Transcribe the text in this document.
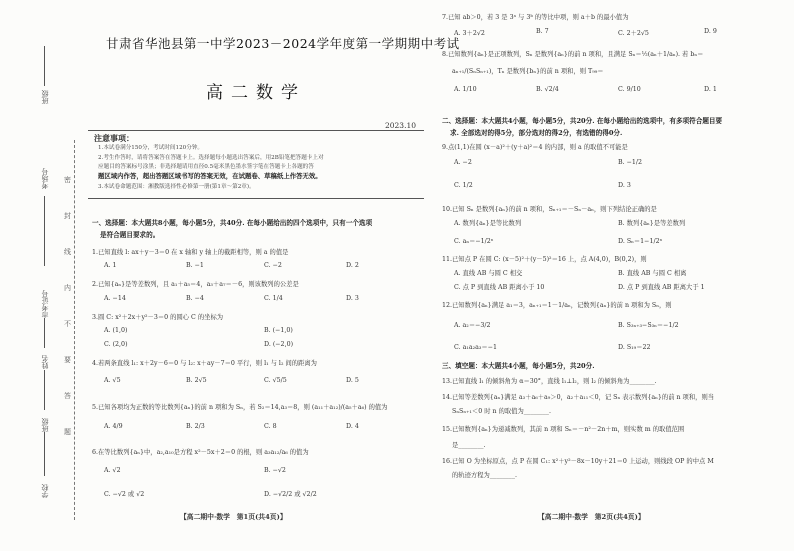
班级
考场号
市考证号
姓名
班级
学校
密
封
线
内
不
要
答
题
甘肃省华池县第一中学2023－2024学年度第一学期期中考试
高二数学
2023.10
注意事项：
1.本试卷满分150分，考试时间120分钟。
2.考生作答时，请将答案答在答题卡上。选择题每小题选出答案后，用2B铅笔把答题卡上对
应题目的答案标号涂黑；非选择题请用直径0.5毫米黑色墨水签字笔在答题卡上各题的答
题区域内作答，超出答题区域书写的答案无效，在试题卷、草稿纸上作答无效。
3.本试卷命题范围：湘教版选择性必修第一册(第1章～第2章)。
一、选择题：本大题共8小题，每小题5分，共40分. 在每小题给出的四个选项中，只有一个选项
是符合题目要求的。
1.已知直线 l: ax＋y－3＝0 在 x 轴和 y 轴上的截距相等，则 a 的值是
A. 1	B. −1	C. −2	D. 2
2.已知{aₙ}是等差数列，且 a₁＋a₅＝4，a₃＋a₇＝－6，则该数列的公差是
A. −14	B. −4	C. 1/4	D. 3
3.圆 C: x²＋2x＋y²－3＝0 的圆心 C 的坐标为
A. (1,0)	B. (−1,0)
C. (2,0)	D. (−2,0)
4.若两条直线 l₁: x＋2y－6＝0 与 l₂: x＋ay－7＝0 平行，则 l₁ 与 l₂ 间的距离为
A. √5	B. 2√5	C. √5/5	D. 5
5.已知各项均为正数的等比数列{aₙ}的前 n 项和为 Sₙ，若 S₂＝14,a₃＝8，则 (a₁₁＋a₁₂)/(a₅＋a₆) 的值为
A. 4/9	B. 2/3	C. 8	D. 4
6.在等比数列{aₙ}中，a₂,a₁₀是方程 x²－5x＋2＝0 的根，则 a₃a₁₂/a₆ 的值为
A. √2	B. −√2
C. −√2 或 √2	D. −√2/2 或 √2/2
【高二期中·数学　第1页(共4页)】
7.已知 ab＞0，若 3 是 3ᵃ 与 3ᵇ 的等比中项，则 a＋b 的最小值为
A. 3＋2√2	B. 7	C. 2＋2√5	D. 9
8.已知数列{aₙ}是正项数列，Sₙ 是数列{aₙ}的前 n 项和，且满足 Sₙ＝½(aₙ＋1/aₙ). 若 bₙ＝
aₙ₊₁/(SₙSₙ₊₁)，Tₙ 是数列{bₙ}的前 n 项和，则 T₉₉＝
A. 1/10	B. √2/4	C. 9/10	D. 1
二、选择题：本大题共4小题，每小题5分，共20分. 在每小题给出的选项中，有多项符合题目要
求. 全部选对的得5分，部分选对的得2分，有选错的得0分.
9.点(1,1)在圆 (x－a)²＋(y＋a)²＝4 的内部，则 a 的取值不可能是
A. −2	B. −1/2
C. 1/2	D. 3
10.已知 Sₙ 是数列{aₙ}的前 n 项和，Sₙ₊₁＝－Sₙ－aₙ，则下列结论正确的是
A. 数列{aₙ}是等比数列	B. 数列{aₙ}是等差数列
C. aₙ＝−1/2ⁿ	D. Sₙ＝1−1/2ⁿ
11.已知点 P 在圆 C: (x－5)²＋(y－5)²＝16 上，点 A(4,0)，B(0,2)，则
A. 直线 AB 与圆 C 相交	B. 直线 AB 与圆 C 相离
C. 点 P 到直线 AB 距离小于 10	D. 点 P 到直线 AB 距离大于 1
12.已知数列{aₙ}满足 a₁＝3，aₙ₊₁＝1－1/aₙ，记数列{aₙ}的前 n 项和为 Sₙ，则
A. a₂＝−3/2	B. S₃ₙ₊₃−S₃ₙ＝−1/2
C. a₁a₂a₃＝−1	D. S₁₉＝22
三、填空题：本大题共4小题，每小题5分，共20分.
13.已知直线 l₁ 的倾斜角为 α＝30°，直线 l₁⊥l₂，则 l₂ 的倾斜角为________.
14.已知等差数列{aₙ}满足 a₃＋a₆＋a₉＞0，a₂＋a₁₁＜0，记 Sₙ 表示数列{aₙ}的前 n 项和，则当
SₙSₙ₊₁＜0 时 n 的取值为________.
15.已知数列{aₙ}为递减数列，其前 n 项和 Sₙ＝－n²－2n＋m，则实数 m 的取值范围
是________.
16.已知 O 为坐标原点，点 P 在圆 C₁: x²＋y²－8x－10y＋21＝0 上运动，则线段 OP 的中点 M
的轨迹方程为________.
【高二期中·数学　第2页(共4页)】
